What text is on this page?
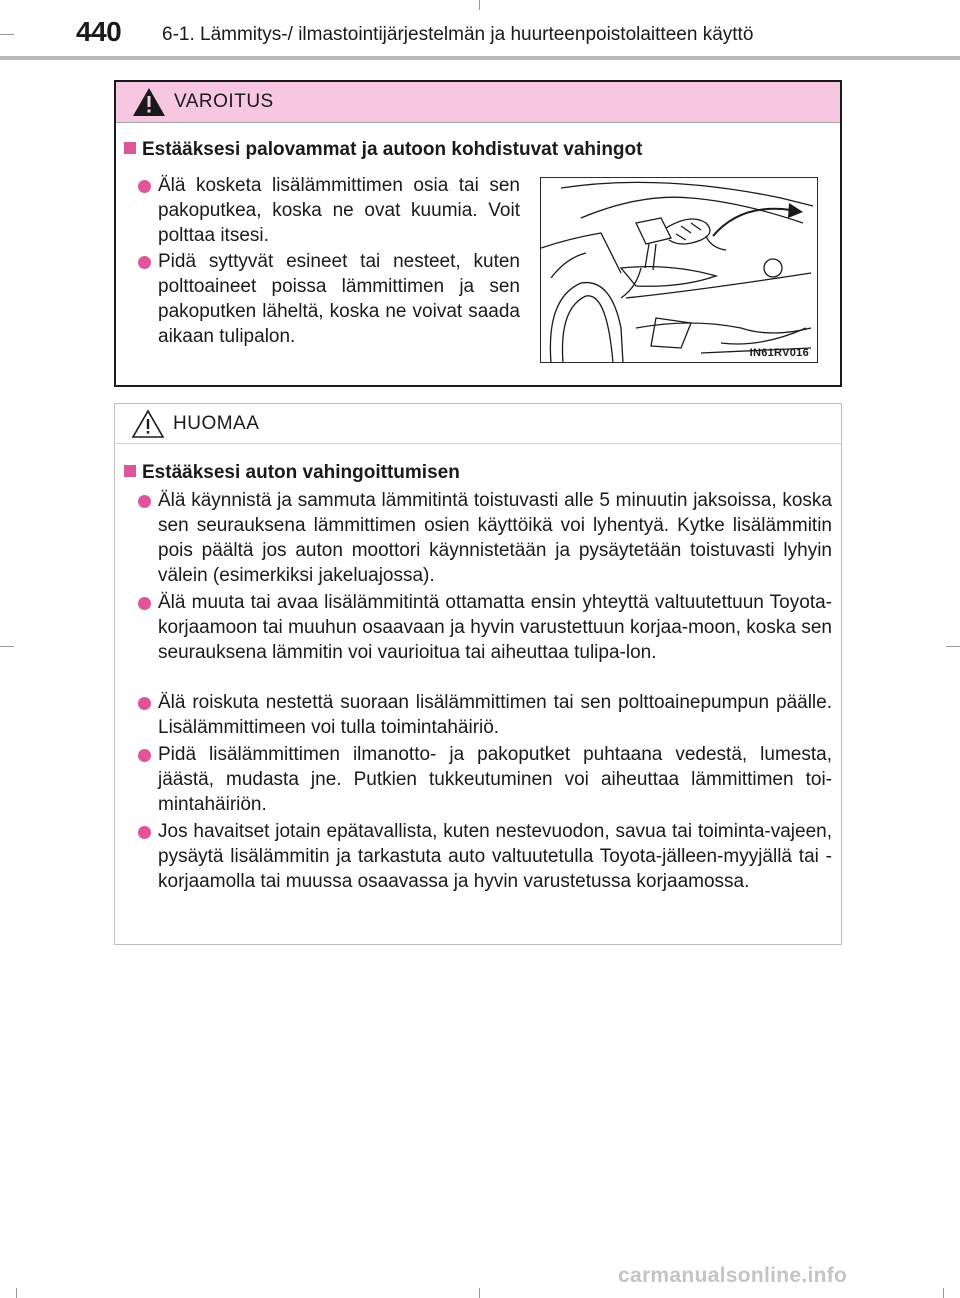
440 6-1. Lämmitys-/ ilmastointijärjestelmän ja huurteenpoistolaitteen käyttö
VAROITUS
Estääksesi palovammat ja autoon kohdistuvat vahingot
Älä kosketa lisälämmittimen osia tai sen pakoputkea, koska ne ovat kuumia. Voit polttaa itsesi.
Pidä syttyvät esineet tai nesteet, kuten polttoaineet poissa lämmittimen ja sen pakoputken läheltä, koska ne voivat saada aikaan tulipalon.
IN61RV016
HUOMAA
Estääksesi auton vahingoittumisen
Älä käynnistä ja sammuta lämmitintä toistuvasti alle 5 minuutin jaksoissa, koska sen seurauksena lämmittimen osien käyttöikä voi lyhentyä. Kytke lisälämmitin pois päältä jos auton moottori käynnistetään ja pysäytetään toistuvasti lyhyin välein (esimerkiksi jakeluajossa).
Älä muuta tai avaa lisälämmitintä ottamatta ensin yhteyttä valtuutettuun Toyota-korjaamoon tai muuhun osaavaan ja hyvin varustettuun korjaa-moon, koska sen seurauksena lämmitin voi vaurioitua tai aiheuttaa tulipa-lon.
Älä roiskuta nestettä suoraan lisälämmittimen tai sen polttoainepumpun päälle. Lisälämmittimeen voi tulla toimintahäiriö.
Pidä lisälämmittimen ilmanotto- ja pakoputket puhtaana vedestä, lumesta, jäästä, mudasta jne. Putkien tukkeutuminen voi aiheuttaa lämmittimen toi-mintahäiriön.
Jos havaitset jotain epätavallista, kuten nestevuodon, savua tai toiminta-vajeen, pysäytä lisälämmitin ja tarkastuta auto valtuutetulla Toyota-jälleen-myyjällä tai -korjaamolla tai muussa osaavassa ja hyvin varustetussa korjaamossa.
carmanualsonline.info
